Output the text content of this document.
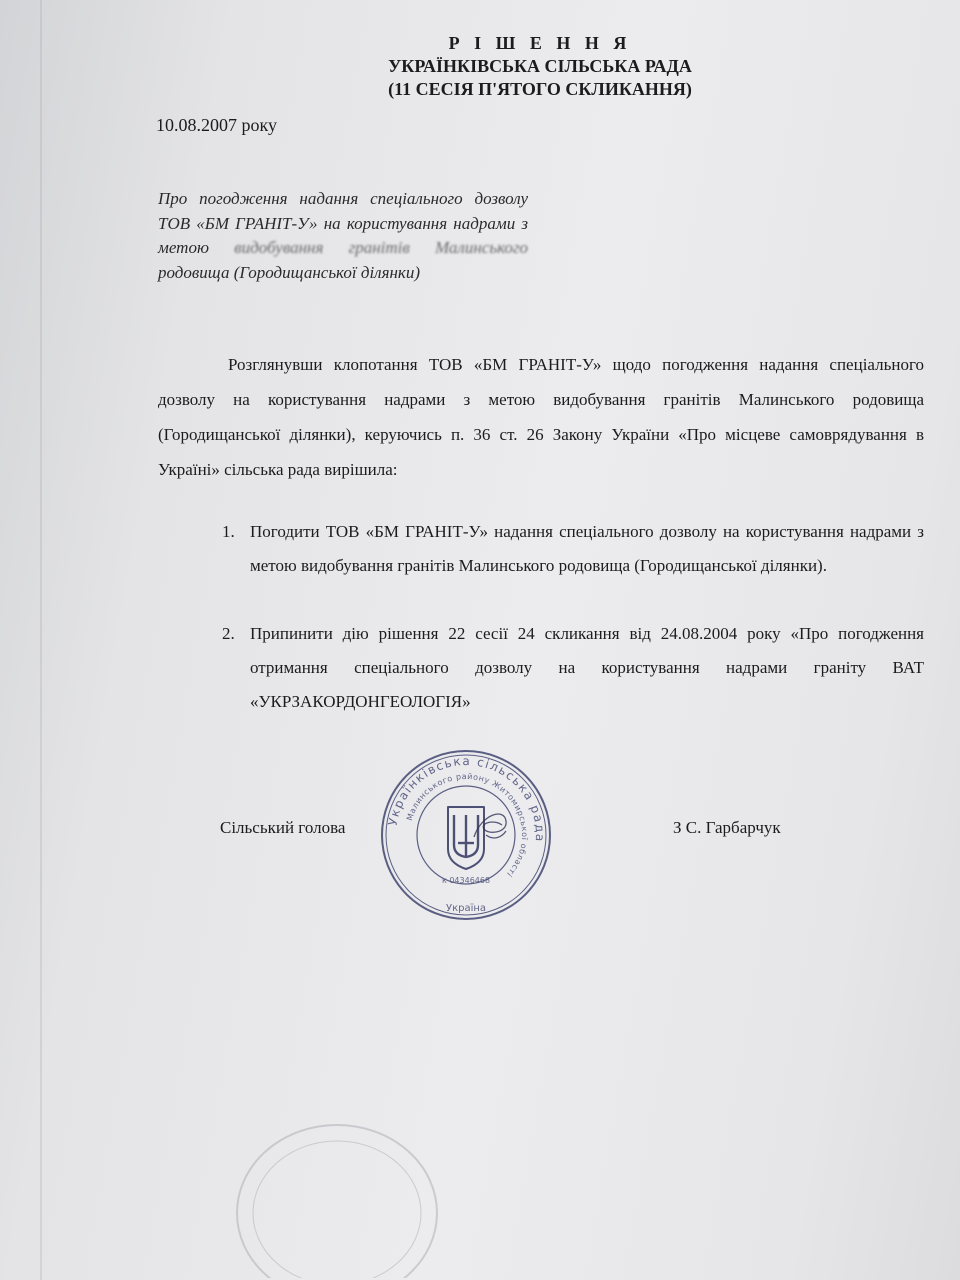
Р І Ш Е Н Н Я
УКРАЇНКІВСЬКА СІЛЬСЬКА РАДА
(11 СЕСІЯ П'ЯТОГО СКЛИКАННЯ)
10.08.2007 року
Про погодження надання спеціального дозволу ТОВ «БМ ГРАНІТ-У» на користування надрами з метою видобування гранітів Малинського
родовища (Городищанської ділянки)
Розглянувши клопотання ТОВ «БМ ГРАНІТ-У» щодо погодження надання спеціального дозволу на користування надрами з метою видобування гранітів Малинського родовища (Городищанської ділянки), керуючись п. 36 ст. 26 Закону України «Про місцеве самоврядування в Україні» сільська рада вирішила:
1. Погодити ТОВ «БМ ГРАНІТ-У» надання спеціального дозволу на користування надрами з метою видобування гранітів Малинського родовища (Городищанської ділянки).
2. Припинити дію рішення 22 сесії 24 скликання від 24.08.2004 року «Про погодження отримання спеціального дозволу на користування надрами граніту ВАТ «УКРЗАКОРДОНГЕОЛОГІЯ»
Сільський голова	З С. Гарбарчук
Українківська сільська рада
Малинського району Житомирської області
к 04346468
Україна
